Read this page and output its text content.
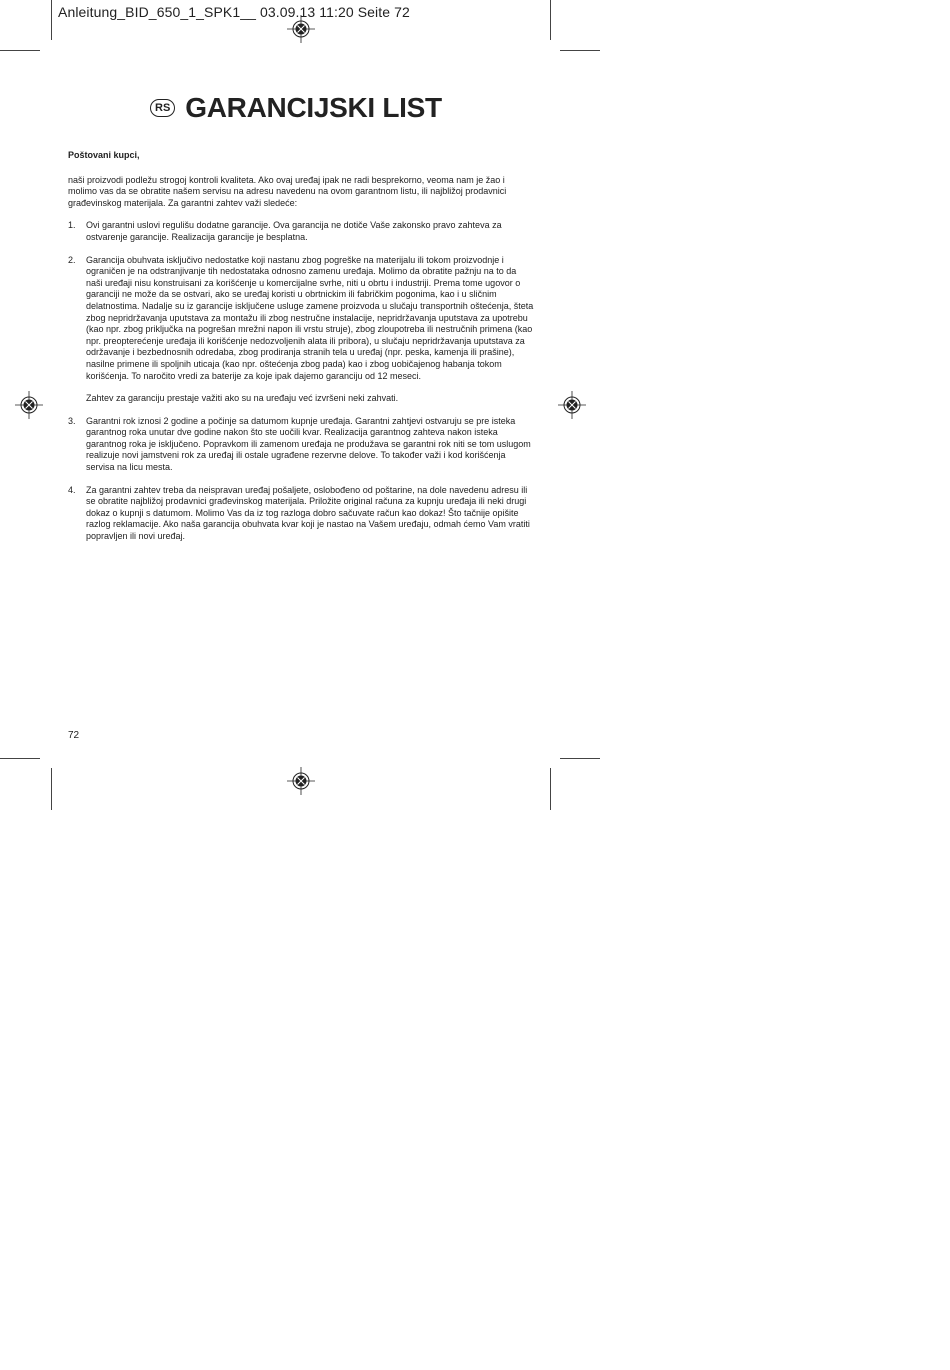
Anleitung_BID_650_1_SPK1__ 03.09.13 11:20 Seite 72
RS GARANCIJSKI LIST
Poštovani kupci,

naši proizvodi podležu strogoj kontroli kvaliteta. Ako ovaj uređaj ipak ne radi besprekorno, veoma nam je žao i molimo vas da se obratite našem servisu na adresu navedenu na ovom garantnom listu, ili najbližoj prodavnici građevinskog materijala. Za garantni zahtev važi sledeće:

1.	Ovi garantni uslovi regulišu dodatne garancije. Ova garancija ne dotiče Vaše zakonsko pravo zahteva za ostvarenje garancije. Realizacija garancije je besplatna.

2.	Garancija obuhvata isključivo nedostatke koji nastanu zbog pogreške na materijalu ili tokom proizvodnje i ograničen je na odstranjivanje tih nedostataka odnosno zamenu uređaja. Molimo da obratite pažnju na to da naši uređaji nisu konstruisani za korišćenje u komercijalne svrhe, niti u obrtu i industriji. Prema tome ugovor o garanciji ne može da se ostvari, ako se uređaj koristi u obrtnickim ili fabričkim pogonima, kao i u sličnim delatnostima. Nadalje su iz garancije isključene usluge zamene proizvoda u slučaju transportnih oštećenja, šteta zbog nepridržavanja uputstava za montažu ili zbog nestručne instalacije, nepridržavanja uputstava za upotrebu (kao npr. zbog priključka na pogrešan mrežni napon ili vrstu struje), zbog zloupotreba ili nestručnih primena (kao npr. preopterećenje uređaja ili korišćenje nedozvoljenih alata ili pribora), u slučaju nepridržavanja uputstava za održavanje i bezbednosnih odredaba, zbog prodiranja stranih tela u uređaj (npr. peska, kamenja ili prašine), nasilne primene ili spoljnih uticaja (kao npr. oštećenja zbog pada) kao i zbog uobičajenog habanja tokom korišćenja. To naročito vredi za baterije za koje ipak dajemo garanciju od 12 meseci.

Zahtev za garanciju prestaje važiti ako su na uređaju već izvršeni neki zahvati.

3.	Garantni rok iznosi 2 godine a počinje sa datumom kupnje uređaja. Garantni zahtjevi ostvaruju se pre isteka garantnog roka unutar dve godine nakon što ste uočili kvar. Realizacija garantnog zahteva nakon isteka garantnog roka je isključeno. Popravkom ili zamenom uređaja ne produžava se garantni rok niti se tom uslugom realizuje novi jamstveni rok za uređaj ili ostale ugrađene rezervne delove. To također važi i kod korišćenja servisa na licu mesta.

4.	Za garantni zahtev treba da neispravan uređaj pošaljete, oslobođeno od poštarine, na dole navedenu adresu ili se obratite najbližoj prodavnici građevinskog materijala. Priložite original računa za kupnju uređaja ili neki drugi dokaz o kupnji s datumom. Molimo Vas da iz tog razloga dobro sačuvate račun kao dokaz! Što tačnije opišite razlog reklamacije. Ako naša garancija obuhvata kvar koji je nastao na Vašem uređaju, odmah ćemo Vam vratiti popravljen ili novi uređaj.

72
